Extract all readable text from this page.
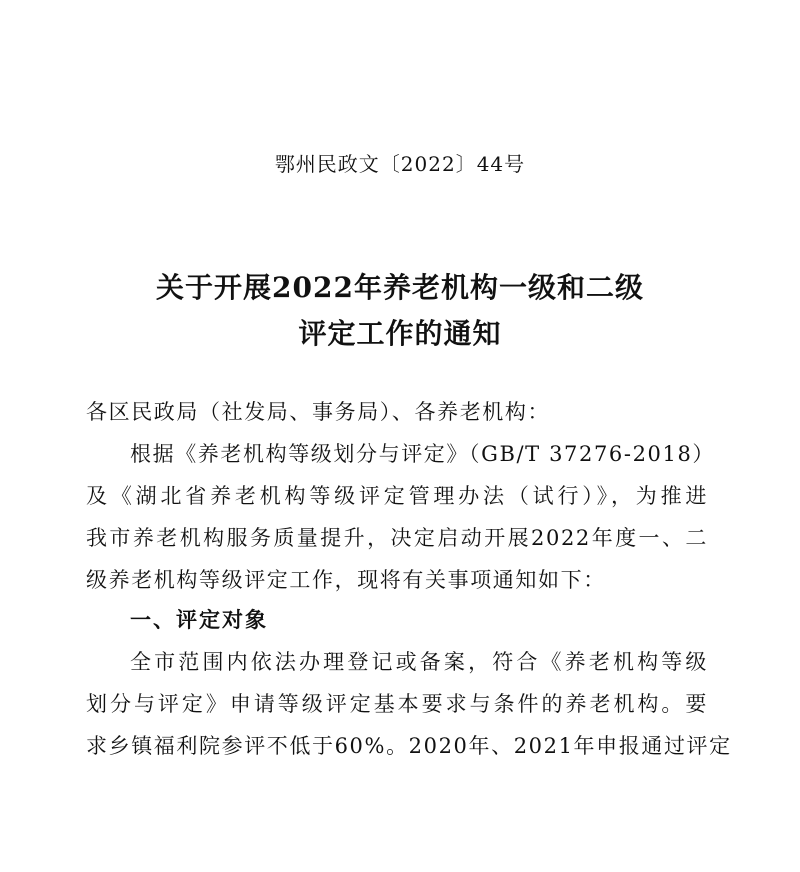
鄂州民政文〔2022〕44号
关于开展2022年养老机构一级和二级
评定工作的通知
各区民政局（社发局、事务局）、各养老机构：
根据《养老机构等级划分与评定》（GB/T 37276-2018）
及《湖北省养老机构等级评定管理办法（试行）》，为推进
我市养老机构服务质量提升，决定启动开展2022年度一、二
级养老机构等级评定工作，现将有关事项通知如下：
一、评定对象
全市范围内依法办理登记或备案，符合《养老机构等级
划分与评定》申请等级评定基本要求与条件的养老机构。要
求乡镇福利院参评不低于60%。2020年、2021年申报通过评定
